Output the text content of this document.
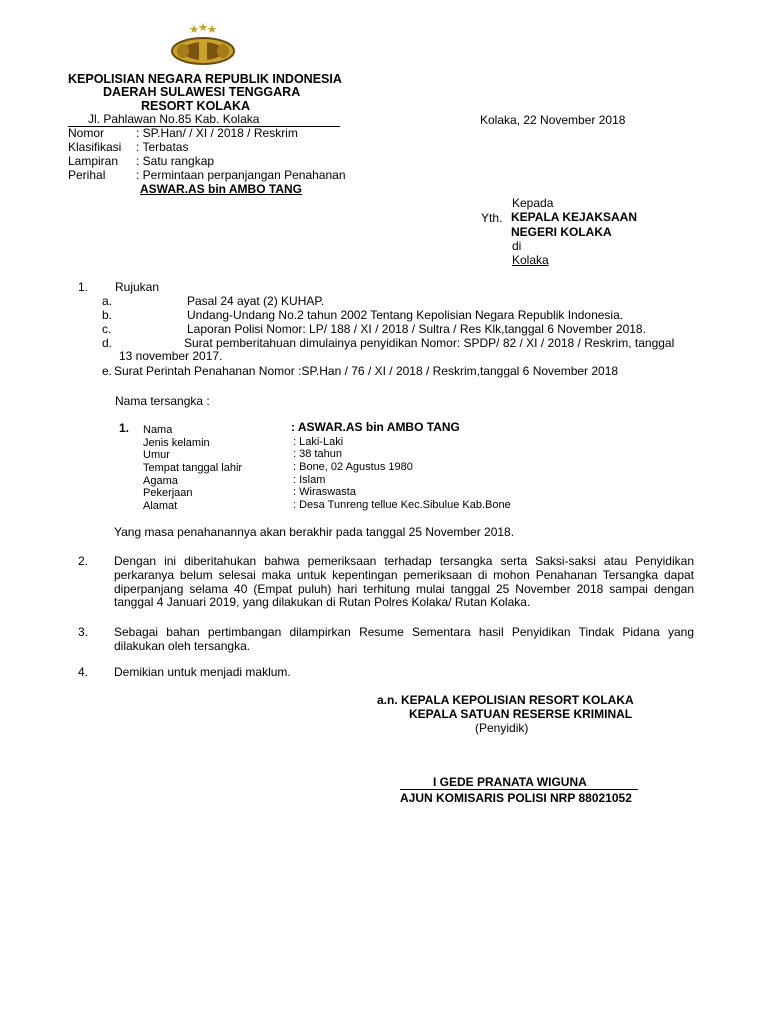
KEPOLISIAN NEGARA REPUBLIK INDONESIA
DAERAH SULAWESI TENGGARA
RESORT KOLAKA
Jl. Pahlawan No.85 Kab. Kolaka	Kolaka, 22 November 2018
Nomor	: SP.Han/ / XI / 2018 / Reskrim
Klasifikasi : Terbatas
Lampiran : Satu rangkap
Perihal	: Permintaan perpanjangan Penahanan
ASWAR.AS bin AMBO TANG
Kepada
Yth. KEPALA KEJAKSAAN
NEGERI KOLAKA
di
Kolaka
1. Rujukan
a.	Pasal 24 ayat (2) KUHAP.
b.	Undang-Undang No.2 tahun 2002 Tentang Kepolisian Negara Republik Indonesia.
c.	Laporan Polisi Nomor: LP/ 188 / XI / 2018 / Sultra / Res Klk,tanggal 6 November 2018.
d.	Surat pemberitahuan dimulainya penyidikan Nomor: SPDP/ 82 / XI / 2018 / Reskrim, tanggal
13 november 2017.
e. Surat Perintah Penahanan Nomor :SP.Han / 76 / XI / 2018 / Reskrim,tanggal 6 November 2018
Nama tersangka :
1. Nama	: ASWAR.AS bin AMBO TANG
Jenis kelamin	: Laki-Laki
Umur	: 38 tahun
Tempat tanggal lahir	: Bone, 02 Agustus 1980
Agama	: Islam
Pekerjaan	: Wiraswasta
Alamat	: Desa Tunreng tellue Kec.Sibulue Kab.Bone
Yang masa penahanannya akan berakhir pada tanggal 25 November 2018.
2. Dengan ini diberitahukan bahwa pemeriksaan terhadap tersangka serta Saksi-saksi atau Penyidikan perkaranya belum selesai maka untuk kepentingan pemeriksaan di mohon Penahanan Tersangka dapat diperpanjang selama 40 (Empat puluh) hari terhitung mulai tanggal 25 November 2018 sampai dengan tanggal 4 Januari 2019, yang dilakukan di Rutan Polres Kolaka/ Rutan Kolaka.
3. Sebagai bahan pertimbangan dilampirkan Resume Sementara hasil Penyidikan Tindak Pidana yang dilakukan oleh tersangka.
4. Demikian untuk menjadi maklum.
a.n. KEPALA KEPOLISIAN RESORT KOLAKA
KEPALA SATUAN RESERSE KRIMINAL
(Penyidik)
I GEDE PRANATA WIGUNA
AJUN KOMISARIS POLISI NRP 88021052
